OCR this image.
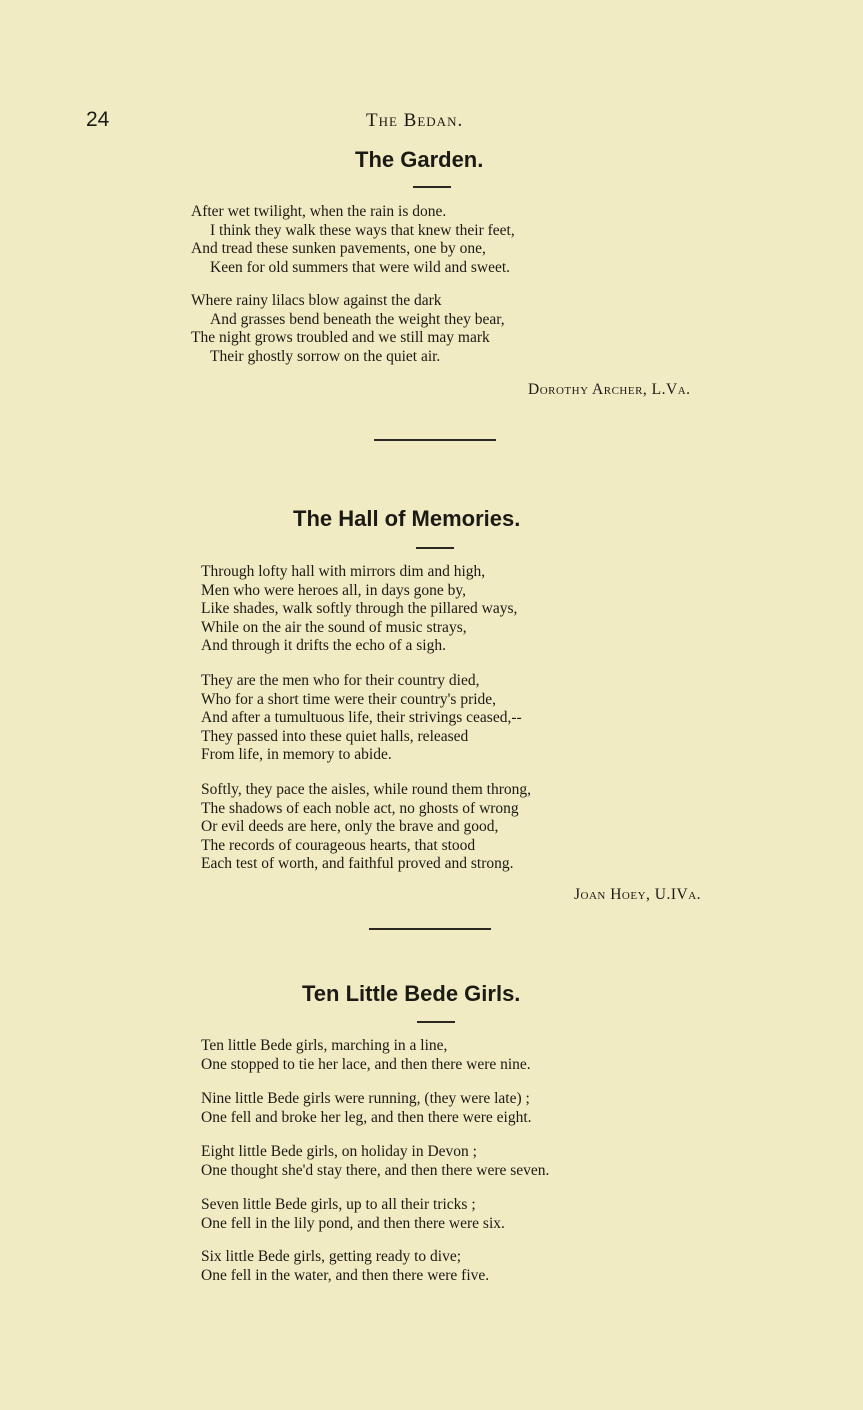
24	The Bedan.
The Garden.
After wet twilight, when the rain is done.
I think they walk these ways that knew their feet,
And tread these sunken pavements, one by one,
Keen for old summers that were wild and sweet.
Where rainy lilacs blow against the dark
And grasses bend beneath the weight they bear,
The night grows troubled and we still may mark
Their ghostly sorrow on the quiet air.
Dorothy Archer, L.Va.
The Hall of Memories.
Through lofty hall with mirrors dim and high,
Men who were heroes all, in days gone by,
Like shades, walk softly through the pillared ways,
While on the air the sound of music strays,
And through it drifts the echo of a sigh.
They are the men who for their country died,
Who for a short time were their country's pride,
And after a tumultuous life, their strivings ceased,--
They passed into these quiet halls, released
From life, in memory to abide.
Softly, they pace the aisles, while round them throng,
The shadows of each noble act, no ghosts of wrong
Or evil deeds are here, only the brave and good,
The records of courageous hearts, that stood
Each test of worth, and faithful proved and strong.
Joan Hoey, U.IVa.
Ten Little Bede Girls.
Ten little Bede girls, marching in a line,
One stopped to tie her lace, and then there were nine.
Nine little Bede girls were running, (they were late) ;
One fell and broke her leg, and then there were eight.
Eight little Bede girls, on holiday in Devon ;
One thought she'd stay there, and then there were seven.
Seven little Bede girls, up to all their tricks ;
One fell in the lily pond, and then there were six.
Six little Bede girls, getting ready to dive;
One fell in the water, and then there were five.
